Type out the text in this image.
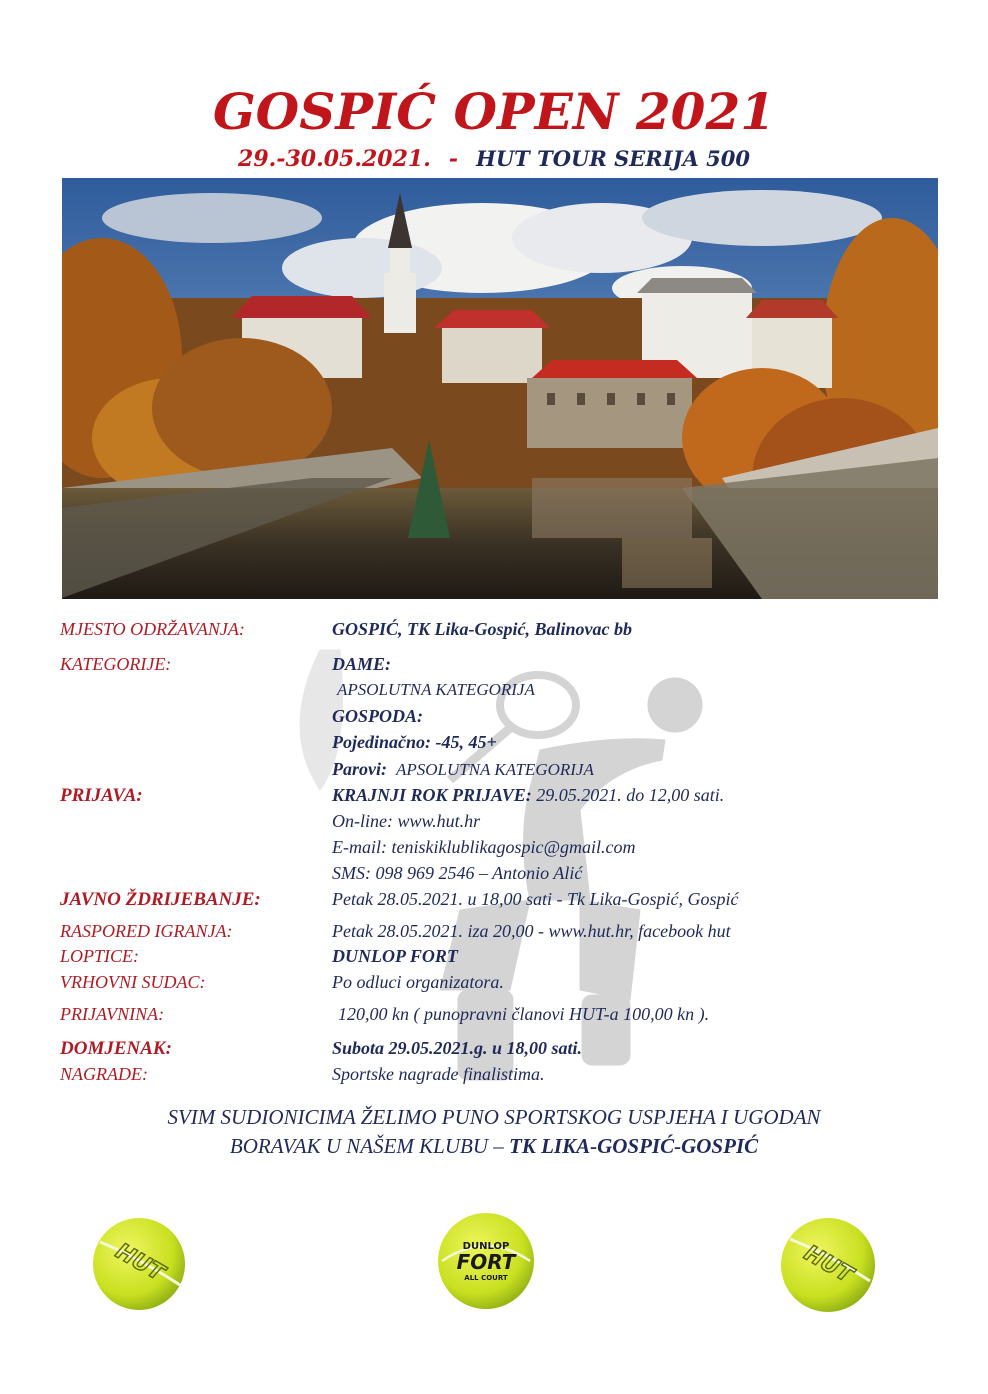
GOSPIĆ OPEN 2021
29.-30.05.2021. - HUT TOUR SERIJA 500
MJESTO ODRŽAVANJA:	GOSPIĆ, TK Lika-Gospić, Balinovac bb
KATEGORIJE:	DAME:
APSOLUTNA KATEGORIJA
GOSPODA:
Pojedinačno: -45, 45+
Parovi: APSOLUTNA KATEGORIJA
PRIJAVA:	KRAJNJI ROK PRIJAVE: 29.05.2021. do 12,00 sati.
On-line: www.hut.hr
E-mail: teniskiklublikagospic@gmail.com
SMS: 098 969 2546 – Antonio Alić
JAVNO ŽDRIJEBANJE:	Petak 28.05.2021. u 18,00 sati - Tk Lika-Gospić, Gospić
RASPORED IGRANJA:	Petak 28.05.2021. iza 20,00 - www.hut.hr, facebook hut
LOPTICE:	DUNLOP FORT
VRHOVNI SUDAC:	Po odluci organizatora.
PRIJAVNINA:	120,00 kn ( punopravni članovi HUT-a 100,00 kn ).
DOMJENAK:	Subota 29.05.2021.g. u 18,00 sati.
NAGRADE:	Sportske nagrade finalistima.
SVIM SUDIONICIMA ŽELIMO PUNO SPORTSKOG USPJEHA I UGODAN
BORAVAK U NAŠEM KLUBU – TK LIKA-GOSPIĆ-GOSPIĆ
HUT	DUNLOP
FORT
ALL COURT	HUT
